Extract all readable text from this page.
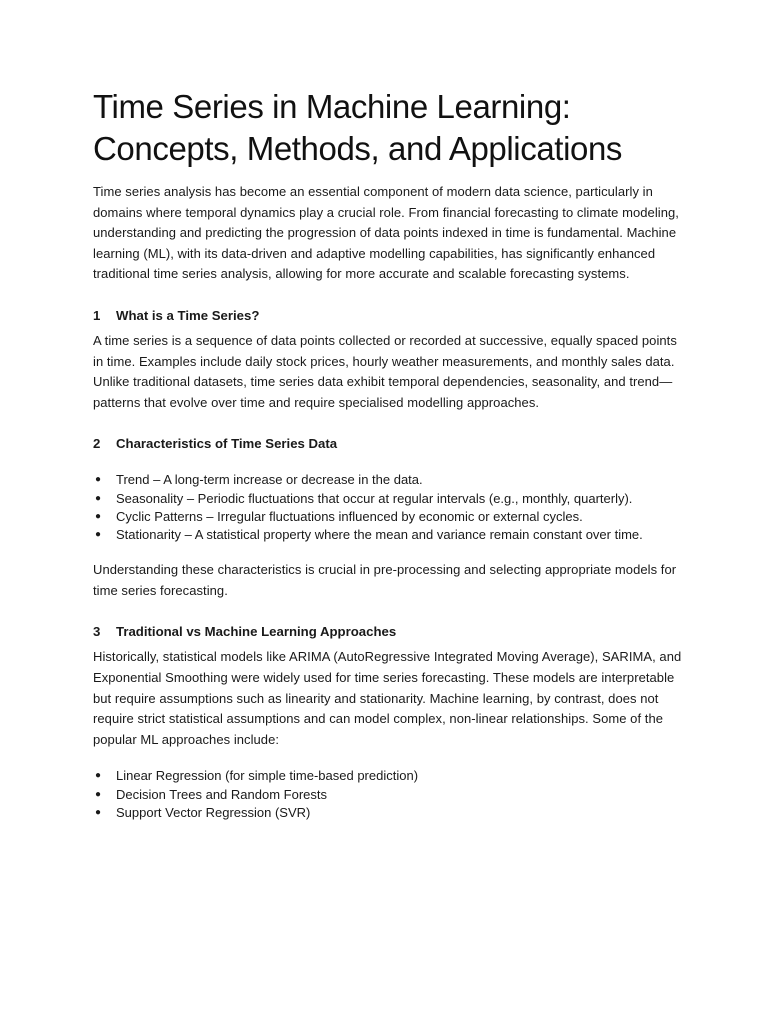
Time Series in Machine Learning: Concepts, Methods, and Applications

Time series analysis has become an essential component of modern data science, particularly in domains where temporal dynamics play a crucial role. From financial forecasting to climate modeling, understanding and predicting the progression of data points indexed in time is fundamental. Machine learning (ML), with its data-driven and adaptive modelling capabilities, has significantly enhanced traditional time series analysis, allowing for more accurate and scalable forecasting systems.

1	What is a Time Series?

A time series is a sequence of data points collected or recorded at successive, equally spaced points in time. Examples include daily stock prices, hourly weather measurements, and monthly sales data. Unlike traditional datasets, time series data exhibit temporal dependencies, seasonality, and trend—patterns that evolve over time and require specialised modelling approaches.

2	Characteristics of Time Series Data
● Trend – A long-term increase or decrease in the data.
● Seasonality – Periodic fluctuations that occur at regular intervals (e.g., monthly, quarterly).
● Cyclic Patterns – Irregular fluctuations influenced by economic or external cycles.
● Stationarity – A statistical property where the mean and variance remain constant over time.

Understanding these characteristics is crucial in pre-processing and selecting appropriate models for time series forecasting.

3	Traditional vs Machine Learning Approaches

Historically, statistical models like ARIMA (AutoRegressive Integrated Moving Average), SARIMA, and Exponential Smoothing were widely used for time series forecasting. These models are interpretable but require assumptions such as linearity and stationarity. Machine learning, by contrast, does not require strict statistical assumptions and can model complex, non-linear relationships. Some of the popular ML approaches include:

● Linear Regression (for simple time-based prediction)
● Decision Trees and Random Forests
● Support Vector Regression (SVR)
